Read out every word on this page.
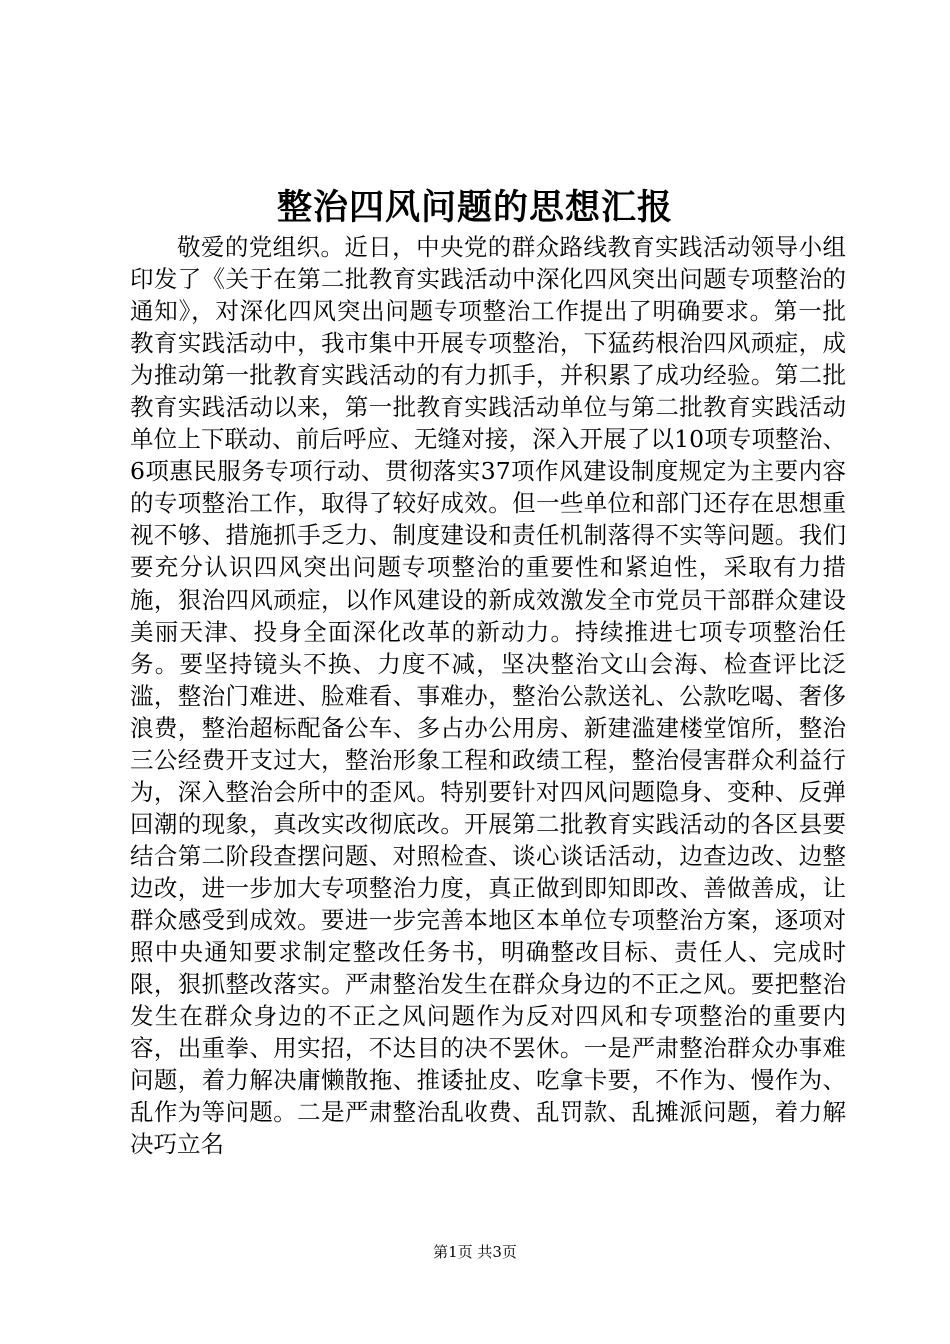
整治四风问题的思想汇报

敬爱的党组织。近日，中央党的群众路线教育实践活动领导小组印发了《关于在第二批教育实践活动中深化四风突出问题专项整治的通知》，对深化四风突出问题专项整治工作提出了明确要求。第一批教育实践活动中，我市集中开展专项整治，下猛药根治四风顽症，成为推动第一批教育实践活动的有力抓手，并积累了成功经验。第二批教育实践活动以来，第一批教育实践活动单位与第二批教育实践活动单位上下联动、前后呼应、无缝对接，深入开展了以10项专项整治、6项惠民服务专项行动、贯彻落实37项作风建设制度规定为主要内容的专项整治工作，取得了较好成效。但一些单位和部门还存在思想重视不够、措施抓手乏力、制度建设和责任机制落得不实等问题。我们要充分认识四风突出问题专项整治的重要性和紧迫性，采取有力措施，狠治四风顽症，以作风建设的新成效激发全市党员干部群众建设美丽天津、投身全面深化改革的新动力。持续推进七项专项整治任务。要坚持镜头不换、力度不减，坚决整治文山会海、检查评比泛滥，整治门难进、脸难看、事难办，整治公款送礼、公款吃喝、奢侈浪费，整治超标配备公车、多占办公用房、新建滥建楼堂馆所，整治三公经费开支过大，整治形象工程和政绩工程，整治侵害群众利益行为，深入整治会所中的歪风。特别要针对四风问题隐身、变种、反弹回潮的现象，真改实改彻底改。开展第二批教育实践活动的各区县要结合第二阶段查摆问题、对照检查、谈心谈话活动，边查边改、边整边改，进一步加大专项整治力度，真正做到即知即改、善做善成，让群众感受到成效。要进一步完善本地区本单位专项整治方案，逐项对照中央通知要求制定整改任务书，明确整改目标、责任人、完成时限，狠抓整改落实。严肃整治发生在群众身边的不正之风。要把整治发生在群众身边的不正之风问题作为反对四风和专项整治的重要内容，出重拳、用实招，不达目的决不罢休。一是严肃整治群众办事难问题，着力解决庸懒散拖、推诿扯皮、吃拿卡要，不作为、慢作为、乱作为等问题。二是严肃整治乱收费、乱罚款、乱摊派问题，着力解决巧立名

第1页 共3页
